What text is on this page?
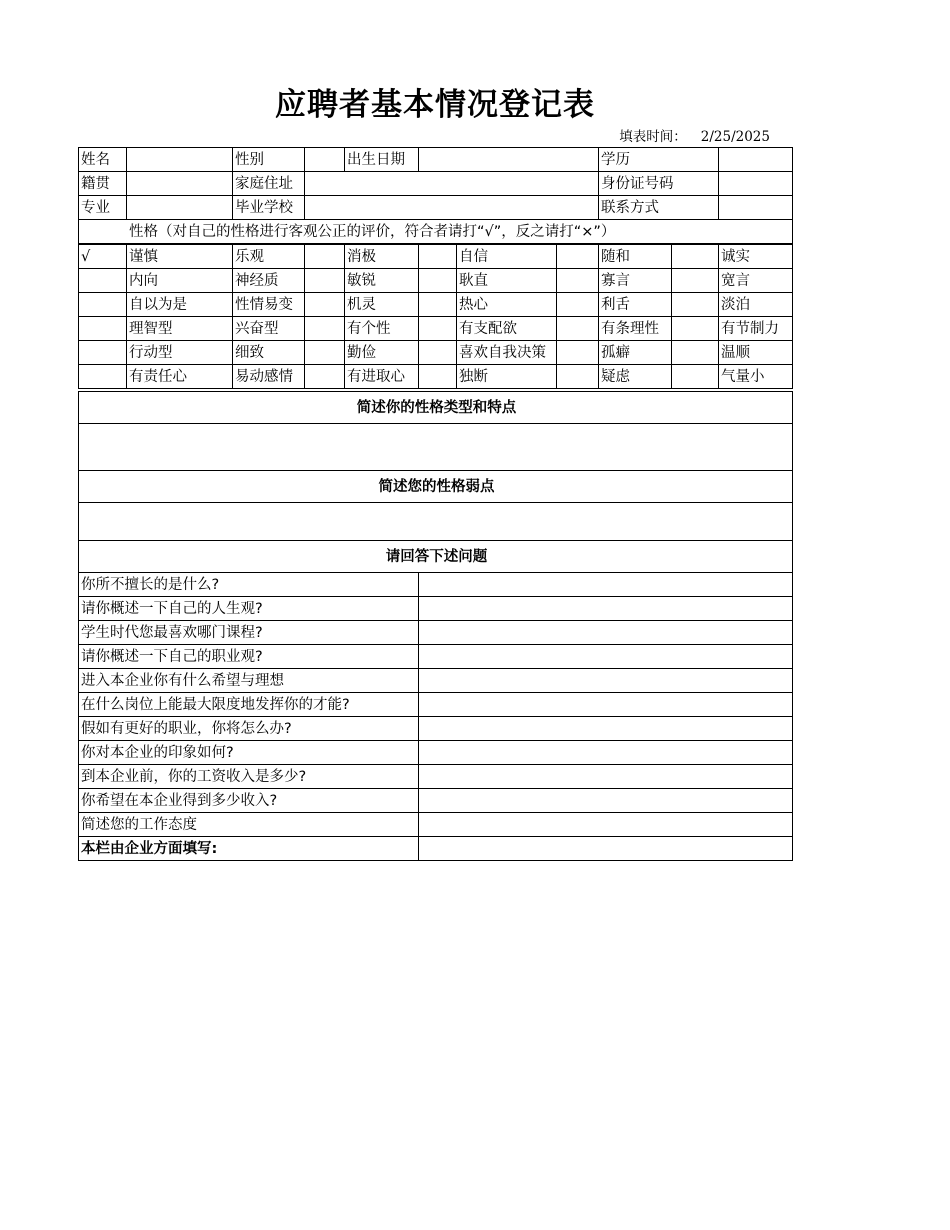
应聘者基本情况登记表
填表时间： 2/25/2025
姓名		性别		出生日期		学历	
籍贯		家庭住址				身份证号码	
专业		毕业学校				联系方式	
性格（对自己的性格进行客观公正的评价，符合者请打“√”，反之请打“×”）							
√	谨慎	乐观		消极		自信		随和		诚实
	内向	神经质		敏锐		耿直		寡言		宽言
	自以为是	性情易变		机灵		热心		利舌		淡泊
	理智型	兴奋型		有个性		有支配欲		有条理性		有节制力
	行动型	细致		勤俭		喜欢自我决策		孤癖		温顺
	有责任心	易动感情		有进取心		独断		疑虑		气量小
简述你的性格类型和特点	

简述您的性格弱点	

请回答下述问题	
你所不擅长的是什么?	
请你概述一下自己的人生观?	
学生时代您最喜欢哪门课程?	
请你概述一下自己的职业观?	
进入本企业你有什么希望与理想	
在什么岗位上能最大限度地发挥你的才能?	
假如有更好的职业，你将怎么办?	
你对本企业的印象如何?	
到本企业前，你的工资收入是多少?	
你希望在本企业得到多少收入?	
简述您的工作态度	
本栏由企业方面填写:	
